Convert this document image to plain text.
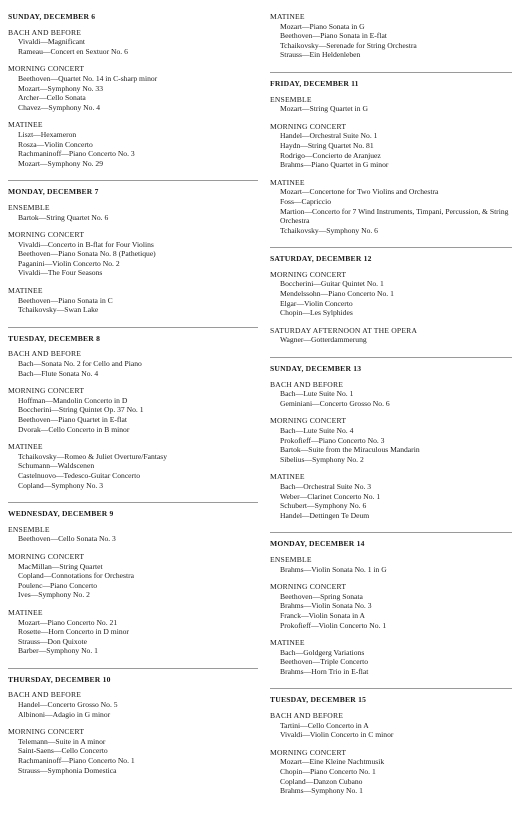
SUNDAY, DECEMBER 6
BACH AND BEFORE
Vivaldi—Magnificant
Rameau—Concert en Sextuor No. 6
MORNING CONCERT
Beethoven—Quartet No. 14 in C-sharp minor
Mozart—Symphony No. 33
Archer—Cello Sonata
Chavez—Symphony No. 4
MATINEE
Liszt—Hexameron
Rosza—Violin Concerto
Rachmaninoff—Piano Concerto No. 3
Mozart—Symphony No. 29
MONDAY, DECEMBER 7
ENSEMBLE
Bartok—String Quartet No. 6
MORNING CONCERT
Vivaldi—Concerto in B-flat for Four Violins
Beethoven—Piano Sonata No. 8 (Pathetique)
Paganini—Violin Concerto No. 2
Vivaldi—The Four Seasons
MATINEE
Beethoven—Piano Sonata in C
Tchaikovsky—Swan Lake
TUESDAY, DECEMBER 8
BACH AND BEFORE
Bach—Sonata No. 2 for Cello and Piano
Bach—Flute Sonata No. 4
MORNING CONCERT
Hoffman—Mandolin Concerto in D
Boccherini—String Quintet Op. 37 No. 1
Beethoven—Piano Quartet in E-flat
Dvorak—Cello Concerto in B minor
MATINEE
Tchaikovsky—Romeo & Juliet Overture/Fantasy
Schumann—Waldscenen
Castelnuovo—Tedesco-Guitar Concerto
Copland—Symphony No. 3
WEDNESDAY, DECEMBER 9
ENSEMBLE
Beethoven—Cello Sonata No. 3
MORNING CONCERT
MacMillan—String Quartet
Copland—Connotations for Orchestra
Poulenc—Piano Concerto
Ives—Symphony No. 2
MATINEE
Mozart—Piano Concerto No. 21
Rosette—Horn Concerto in D minor
Strauss—Don Quixote
Barber—Symphony No. 1
THURSDAY, DECEMBER 10
BACH AND BEFORE
Handel—Concerto Grosso No. 5
Albinoni—Adagio in G minor
MORNING CONCERT
Telemann—Suite in A minor
Saint-Saens—Cello Concerto
Rachmaninoff—Piano Concerto No. 1
Strauss—Symphonia Domestica
MATINEE
Mozart—Piano Sonata in G
Beethoven—Piano Sonata in E-flat
Tchaikovsky—Serenade for String Orchestra
Strauss—Ein Heldenleben
FRIDAY, DECEMBER 11
ENSEMBLE
Mozart—String Quartet in G
MORNING CONCERT
Handel—Orchestral Suite No. 1
Haydn—String Quartet No. 81
Rodrigo—Concierto de Aranjuez
Brahms—Piano Quartet in G minor
MATINEE
Mozart—Concertone for Two Violins and Orchestra
Foss—Capriccio
Martion—Concerto for 7 Wind Instruments, Timpani, Percussion, & String Orchestra
Tchaikovsky—Symphony No. 6
SATURDAY, DECEMBER 12
MORNING CONCERT
Boccherini—Guitar Quintet No. 1
Mendelssohn—Piano Concerto No. 1
Elgar—Violin Concerto
Chopin—Les Sylphides
SATURDAY AFTERNOON AT THE OPERA
Wagner—Gotterdammerung
SUNDAY, DECEMBER 13
BACH AND BEFORE
Bach—Lute Suite No. 1
Geminiani—Concerto Grosso No. 6
MORNING CONCERT
Bach—Lute Suite No. 4
Prokofieff—Piano Concerto No. 3
Bartok—Suite from the Miraculous Mandarin
Sibelius—Symphony No. 2
MATINEE
Bach—Orchestral Suite No. 3
Weber—Clarinet Concerto No. 1
Schubert—Symphony No. 6
Handel—Dettingen Te Deum
MONDAY, DECEMBER 14
ENSEMBLE
Brahms—Violin Sonata No. 1 in G
MORNING CONCERT
Beethoven—Spring Sonata
Brahms—Violin Sonata No. 3
Franck—Violin Sonata in A
Prokofieff—Violin Concerto No. 1
MATINEE
Bach—Goldgerg Variations
Beethoven—Triple Concerto
Brahms—Horn Trio in E-flat
TUESDAY, DECEMBER 15
BACH AND BEFORE
Tartini—Cello Concerto in A
Vivaldi—Violin Concerto in C minor
MORNING CONCERT
Mozart—Eine Kleine Nachtmusik
Chopin—Piano Concerto No. 1
Copland—Danzon Cubano
Brahms—Symphony No. 1
